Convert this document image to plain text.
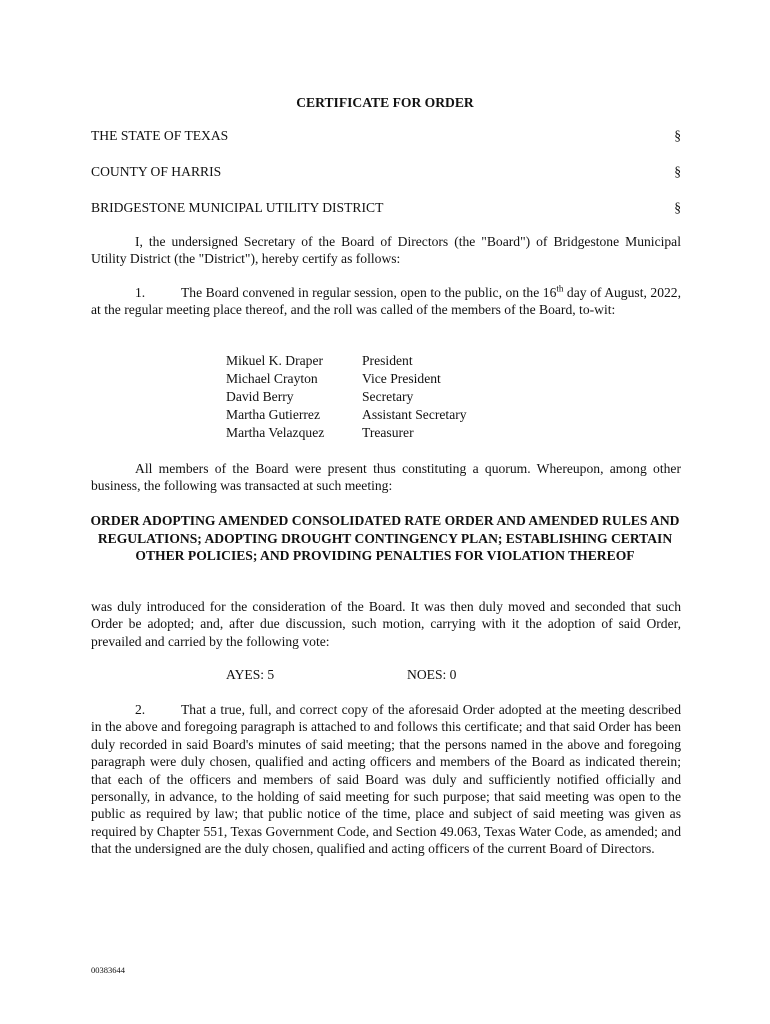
CERTIFICATE FOR ORDER
THE STATE OF TEXAS	§
COUNTY OF HARRIS	§
BRIDGESTONE MUNICIPAL UTILITY DISTRICT	§
I, the undersigned Secretary of the Board of Directors (the "Board") of Bridgestone Municipal Utility District (the "District"), hereby certify as follows:
1.	The Board convened in regular session, open to the public, on the 16th day of August, 2022, at the regular meeting place thereof, and the roll was called of the members of the Board, to-wit:
Mikuel K. Draper	President
Michael Crayton	Vice President
David Berry	Secretary
Martha Gutierrez	Assistant Secretary
Martha Velazquez	Treasurer
All members of the Board were present thus constituting a quorum. Whereupon, among other business, the following was transacted at such meeting:
ORDER ADOPTING AMENDED CONSOLIDATED RATE ORDER AND AMENDED RULES AND REGULATIONS; ADOPTING DROUGHT CONTINGENCY PLAN; ESTABLISHING CERTAIN OTHER POLICIES; AND PROVIDING PENALTIES FOR VIOLATION THEREOF
was duly introduced for the consideration of the Board. It was then duly moved and seconded that such Order be adopted; and, after due discussion, such motion, carrying with it the adoption of said Order, prevailed and carried by the following vote:
AYES: 5	NOES: 0
2.	That a true, full, and correct copy of the aforesaid Order adopted at the meeting described in the above and foregoing paragraph is attached to and follows this certificate; and that said Order has been duly recorded in said Board's minutes of said meeting; that the persons named in the above and foregoing paragraph were duly chosen, qualified and acting officers and members of the Board as indicated therein; that each of the officers and members of said Board was duly and sufficiently notified officially and personally, in advance, to the holding of said meeting for such purpose; that said meeting was open to the public as required by law; that public notice of the time, place and subject of said meeting was given as required by Chapter 551, Texas Government Code, and Section 49.063, Texas Water Code, as amended; and that the undersigned are the duly chosen, qualified and acting officers of the current Board of Directors.
00383644
